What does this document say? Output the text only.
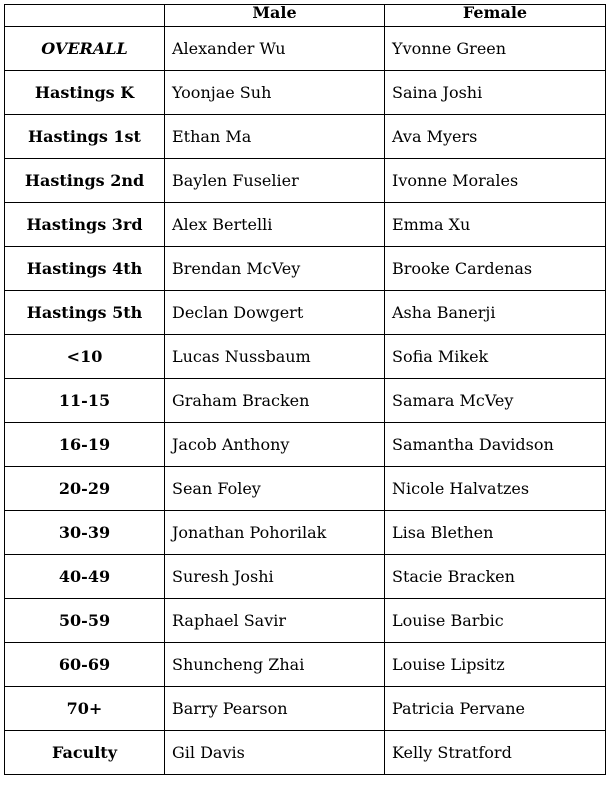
	Male	Female
OVERALL	Alexander Wu	Yvonne Green
Hastings K	Yoonjae Suh	Saina Joshi
Hastings 1st	Ethan Ma	Ava Myers
Hastings 2nd	Baylen Fuselier	Ivonne Morales
Hastings 3rd	Alex Bertelli	Emma Xu
Hastings 4th	Brendan McVey	Brooke Cardenas
Hastings 5th	Declan Dowgert	Asha Banerji
<10	Lucas Nussbaum	Sofia Mikek
11-15	Graham Bracken	Samara McVey
16-19	Jacob Anthony	Samantha Davidson
20-29	Sean Foley	Nicole Halvatzes
30-39	Jonathan Pohorilak	Lisa Blethen
40-49	Suresh Joshi	Stacie Bracken
50-59	Raphael Savir	Louise Barbic
60-69	Shuncheng Zhai	Louise Lipsitz
70+	Barry Pearson	Patricia Pervane
Faculty	Gil Davis	Kelly Stratford
